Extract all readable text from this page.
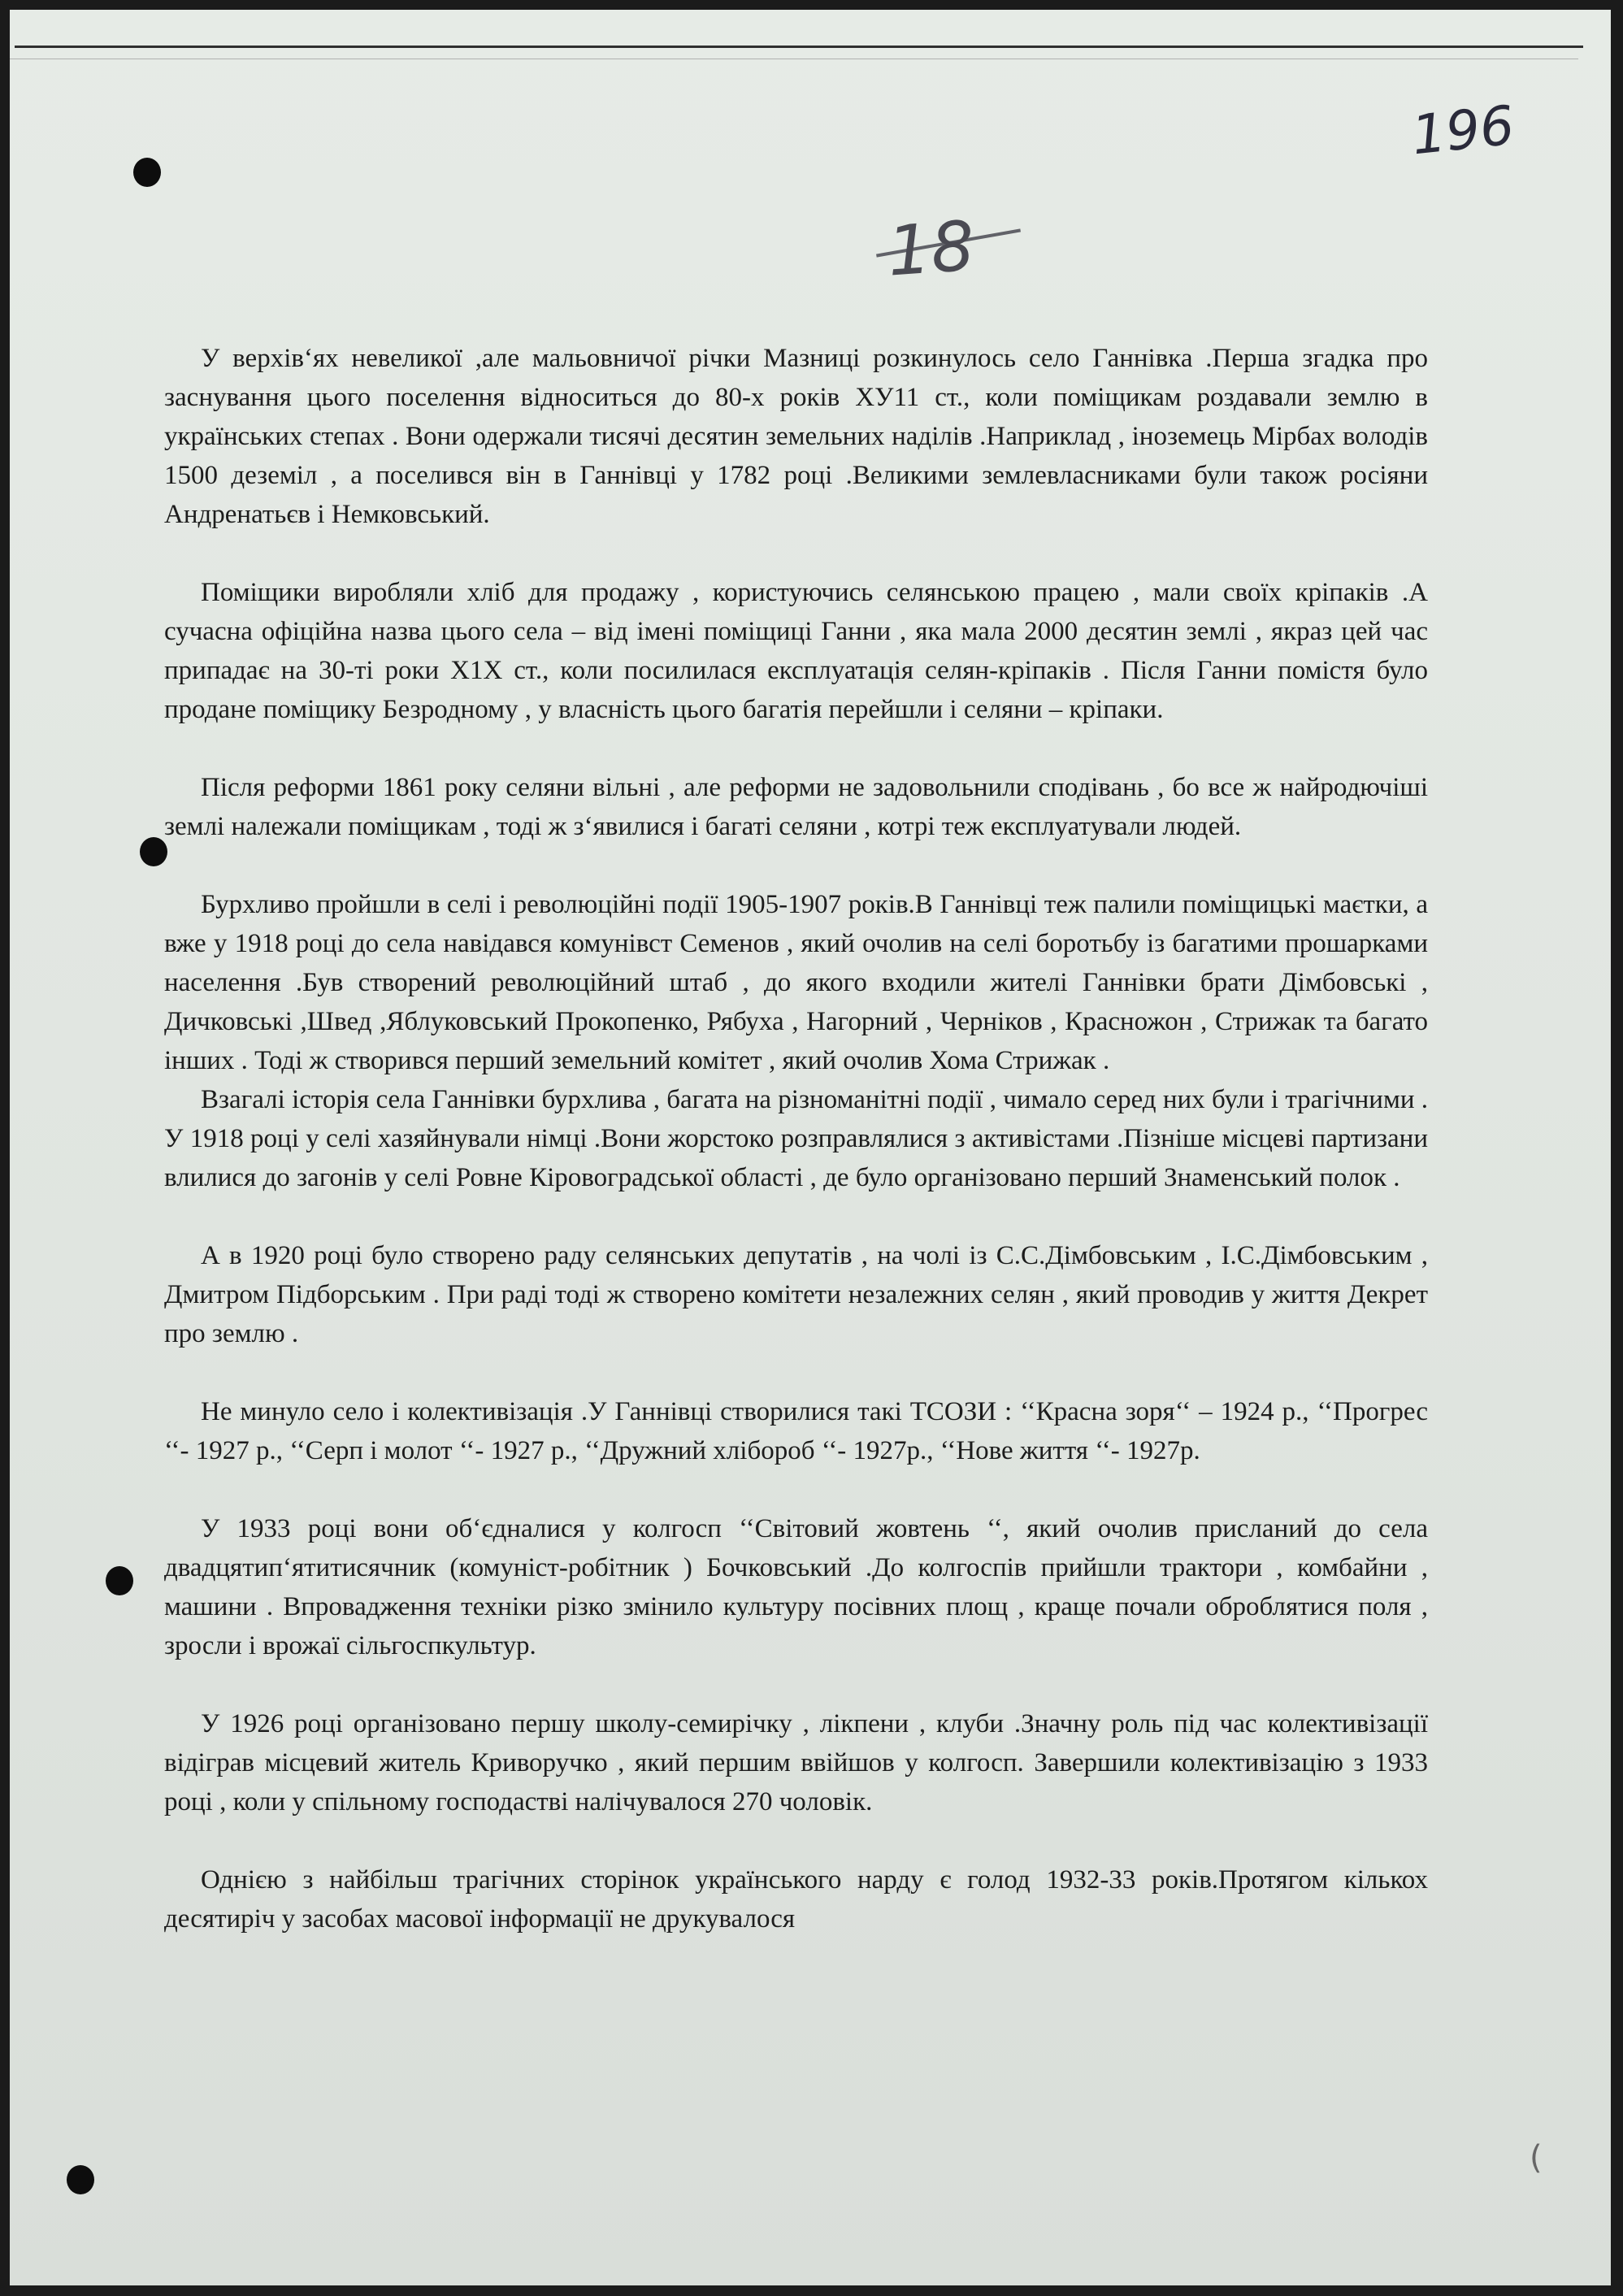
196
18

У верхів‘ях невеликої ,але мальовничої річки Мазниці розкинулось село Ганнівка .Перша згадка про заснування цього поселення відноситься до 80-х років ХУ11 ст., коли поміщикам роздавали землю в українських степах . Вони одержали тисячі десятин земельних наділів .Наприклад , іноземець Мірбах володів 1500 деземіл , а поселився він в Ганнівці у 1782 році .Великими землевласниками були також росіяни Андренатьєв і Немковський.

Поміщики виробляли хліб для продажу , користуючись селянською працею , мали своїх кріпаків .А сучасна офіційна назва цього села – від імені поміщиці Ганни , яка мала 2000 десятин землі , якраз цей час припадає на 30-ті роки Х1Х ст., коли посилилася експлуатація селян-кріпаків . Після Ганни помістя було продане поміщику Безродному , у власність цього багатія перейшли і селяни – кріпаки.

Після реформи 1861 року селяни вільні , але реформи не задовольнили сподівань , бо все ж найродючіші землі належали поміщикам , тоді ж з‘явилися і багаті селяни , котрі теж експлуатували людей.

Бурхливо пройшли в селі і революційні події 1905-1907 років.В Ганнівці теж палили поміщицькі маєтки, а вже у 1918 році до села навідався комунівст Семенов , який очолив на селі боротьбу із багатими прошарками населення .Був створений революційний штаб , до якого входили жителі Ганнівки брати Дімбовські , Дичковські ,Швед ,Яблуковський Прокопенко, Рябуха , Нагорний , Черніков , Красножон , Стрижак та багато інших . Тоді ж створився перший земельний комітет , який очолив Хома Стрижак .

Взагалі історія села Ганнівки бурхлива , багата на різноманітні події , чимало серед них були і трагічними . У 1918 році у селі хазяйнували німці .Вони жорстоко розправлялися з активістами .Пізніше місцеві партизани влилися до загонів у селі Ровне Кіровоградської області , де було організовано перший Знаменський полок .

А в 1920 році було створено раду селянських депутатів , на чолі із С.С.Дімбовським , І.С.Дімбовським , Дмитром Підборським . При раді тоді ж створено комітети незалежних селян , який проводив у життя Декрет про землю .

Не минуло село і колективізація .У Ганнівці створилися такі ТСОЗИ : ‘‘Красна зоря‘‘ – 1924 р., ‘‘Прогрес ‘‘- 1927 р., ‘‘Серп і молот ‘‘- 1927 р., ‘‘Дружний хлібороб ‘‘- 1927р., ‘‘Нове життя ‘‘- 1927р.

У 1933 році вони об‘єдналися у колгосп ‘‘Світовий жовтень ‘‘, який очолив присланий до села двадцятип‘ятитисячник (комуніст-робітник ) Бочковський .До колгоспів прийшли трактори , комбайни , машини . Впровадження техніки різко змінило культуру посівних площ , краще почали оброблятися поля , зросли і врожаї сільгоспкультур.

У 1926 році організовано першу школу-семирічку , лікпени , клуби .Значну роль під час колективізації відіграв місцевий житель Криворучко , який першим ввійшов у колгосп. Завершили колективізацію з 1933 році , коли у спільному господастві налічувалося 270 чоловік.

Однією з найбільш трагічних сторінок українського нарду є голод 1932-33 років.Протягом кількох десятиріч у засобах масової інформації не друкувалося

(
